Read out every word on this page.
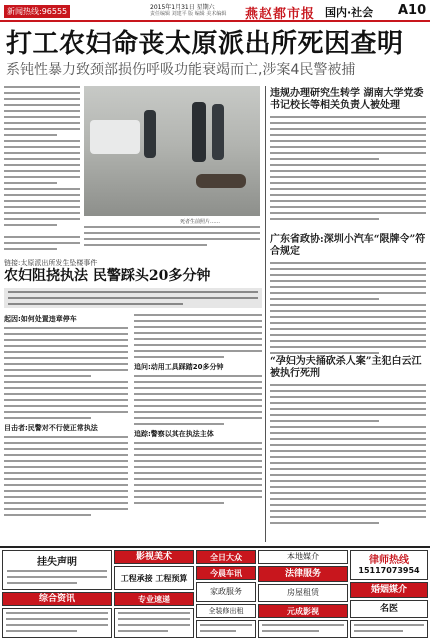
新闻热线:96555	2015年1月31日 星期六
责任编辑 刘建平 版 编辑 美术编辑 燕赵都市报 国内·社会 A10
打工农妇命丧太原派出所死因查明
系钝性暴力致颈部损伤呼吸功能衰竭而亡,涉案4民警被捕
死者生前照片……
违规办理研究生转学 湖南大学党委书记校长等相关负责人被处理
广东省政协:深圳小汽车“限牌令”符合规定
“孕妇为夫捅砍杀人案”主犯白云江被执行死刑
链接:太原派出所发生坠楼事件
农妇阻挠执法 民警踩头20多分钟
起因:如何处置违章停车
目击者:民警对不行使正常执法
追问:动用工具踩踏20多分钟
追踪:警察以其在执法主体
挂失声明	影视美术
工程承接 工程预算
全日大众	律师热线
15117073954
法律服务
婚姻媒介
综合资讯
今晨车讯
家政服务
本地媒介
专业速递
房屋租赁
元成影视	名医
全装修出租
